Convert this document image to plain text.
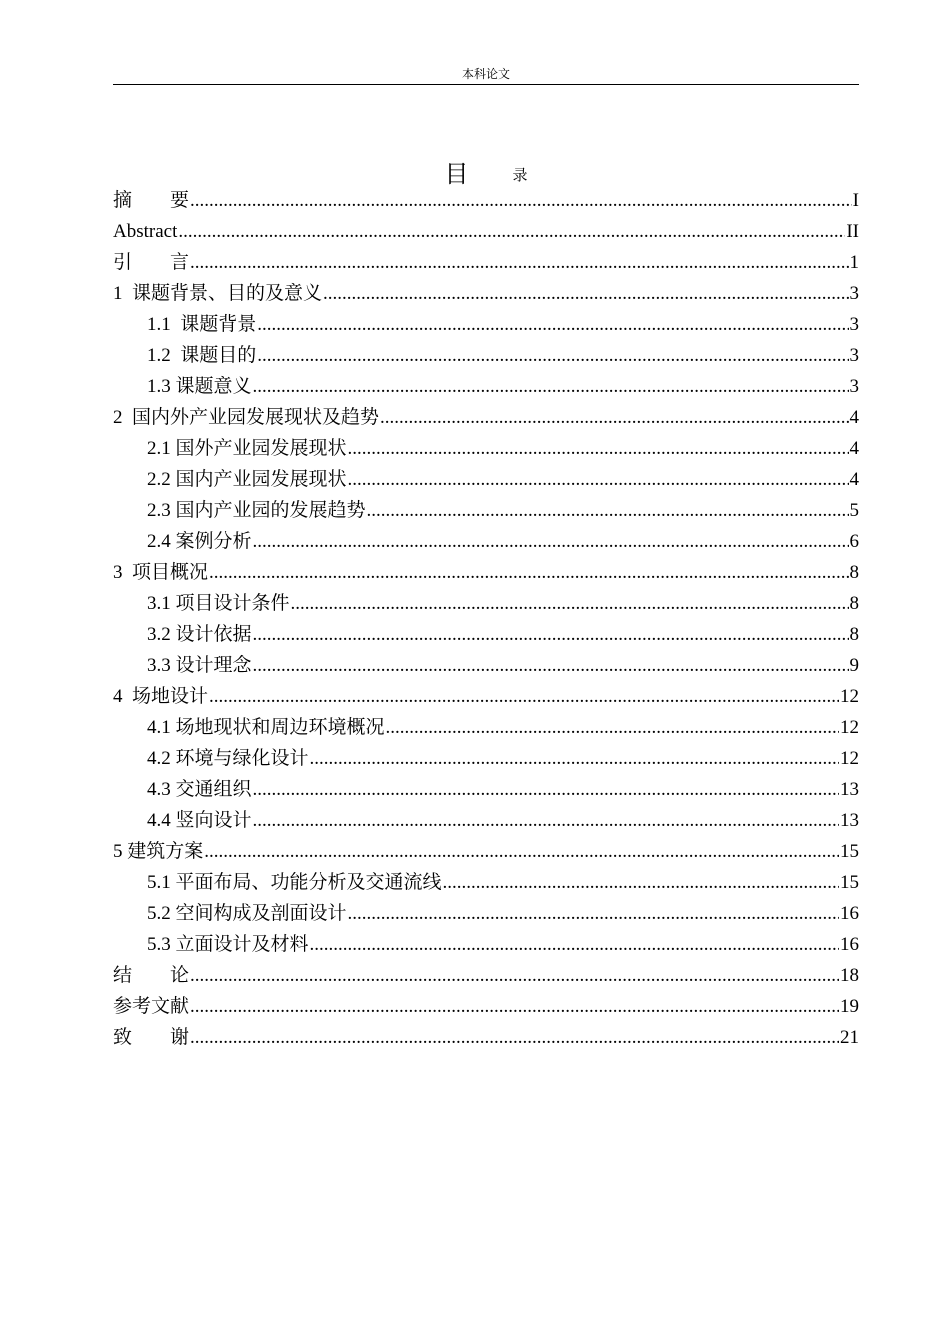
本科论文
目	录
摘　　要 .....	I
Abstract .....	II
引　　言 .....	1
1  课题背景、目的及意义 .....	3
1.1  课题背景 .....	3
1.2  课题目的 .....	3
1.3 课题意义 .....	3
2  国内外产业园发展现状及趋势 .....	4
2.1 国外产业园发展现状 .....	4
2.2 国内产业园发展现状 .....	4
2.3 国内产业园的发展趋势 .....	5
2.4 案例分析 .....	6
3  项目概况 .....	8
3.1 项目设计条件 .....	8
3.2 设计依据 .....	8
3.3 设计理念 .....	9
4  场地设计 .....	12
4.1 场地现状和周边环境概况 .....	12
4.2 环境与绿化设计 .....	12
4.3 交通组织 .....	13
4.4 竖向设计 .....	13
5 建筑方案 .....	15
5.1 平面布局、功能分析及交通流线 .....	15
5.2 空间构成及剖面设计 .....	16
5.3 立面设计及材料 .....	16
结　　论 .....	18
参考文献 .....	19
致　　谢 .....	21
